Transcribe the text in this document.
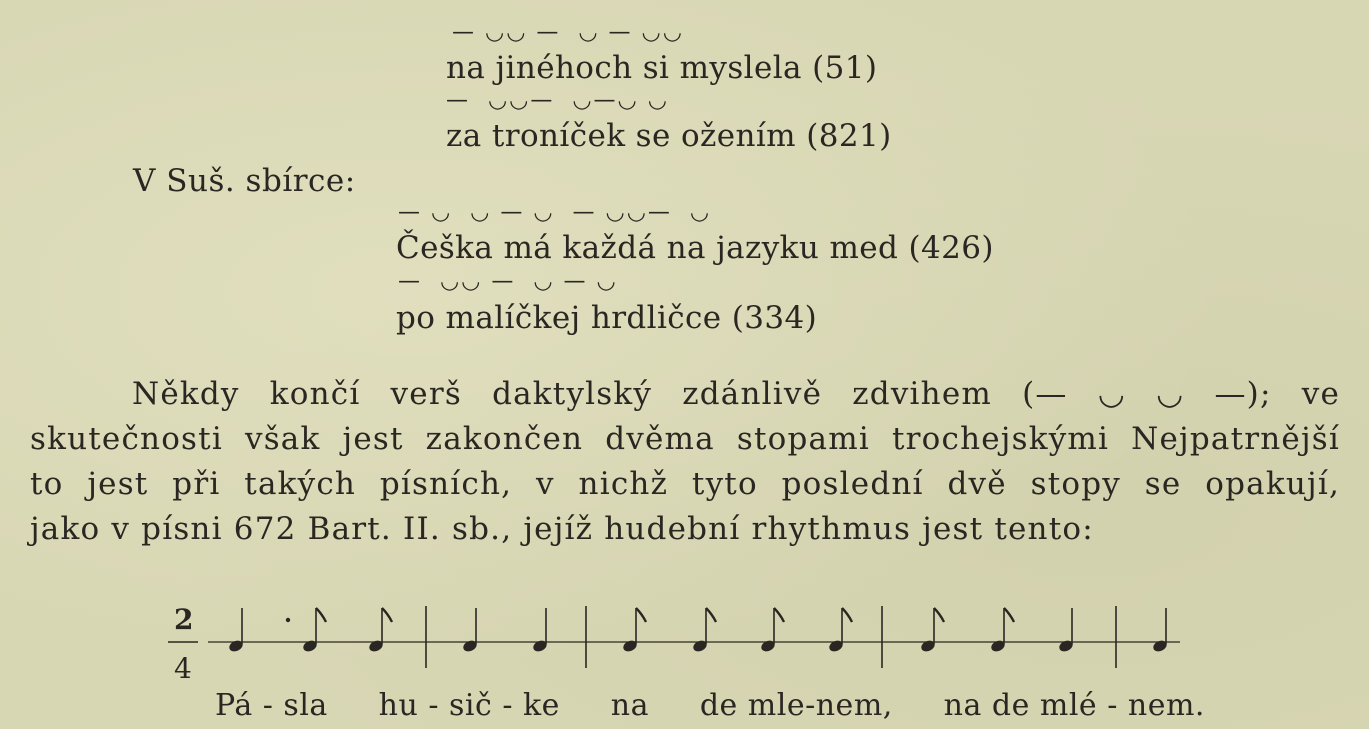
— ◡◡ —  ◡ — ◡◡
na jinéhoch si myslela (51)
—  ◡◡—  ◡—◡ ◡
za troníček se ožením (821)
V Suš. sbírce:
— ◡  ◡ — ◡  — ◡◡—  ◡
Češka má každá na jazyku med (426)
—  ◡◡ —  ◡ — ◡
po malíčkej hrdličce (334)
Někdy končí verš daktylský zdánlivě zdvihem (— ◡ ◡ —); ve
skutečnosti však jest zakončen dvěma stopami trochejskými Nejpatrnější
to jest při takých písních, v nichž tyto poslední dvě stopy se opakují,
jako v písni 672 Bart. II. sb., jejíž hudební rhythmus jest tento:
2
4
Pá - sla hu - sič - ke na de mle-nem, na de mlé - nem.
